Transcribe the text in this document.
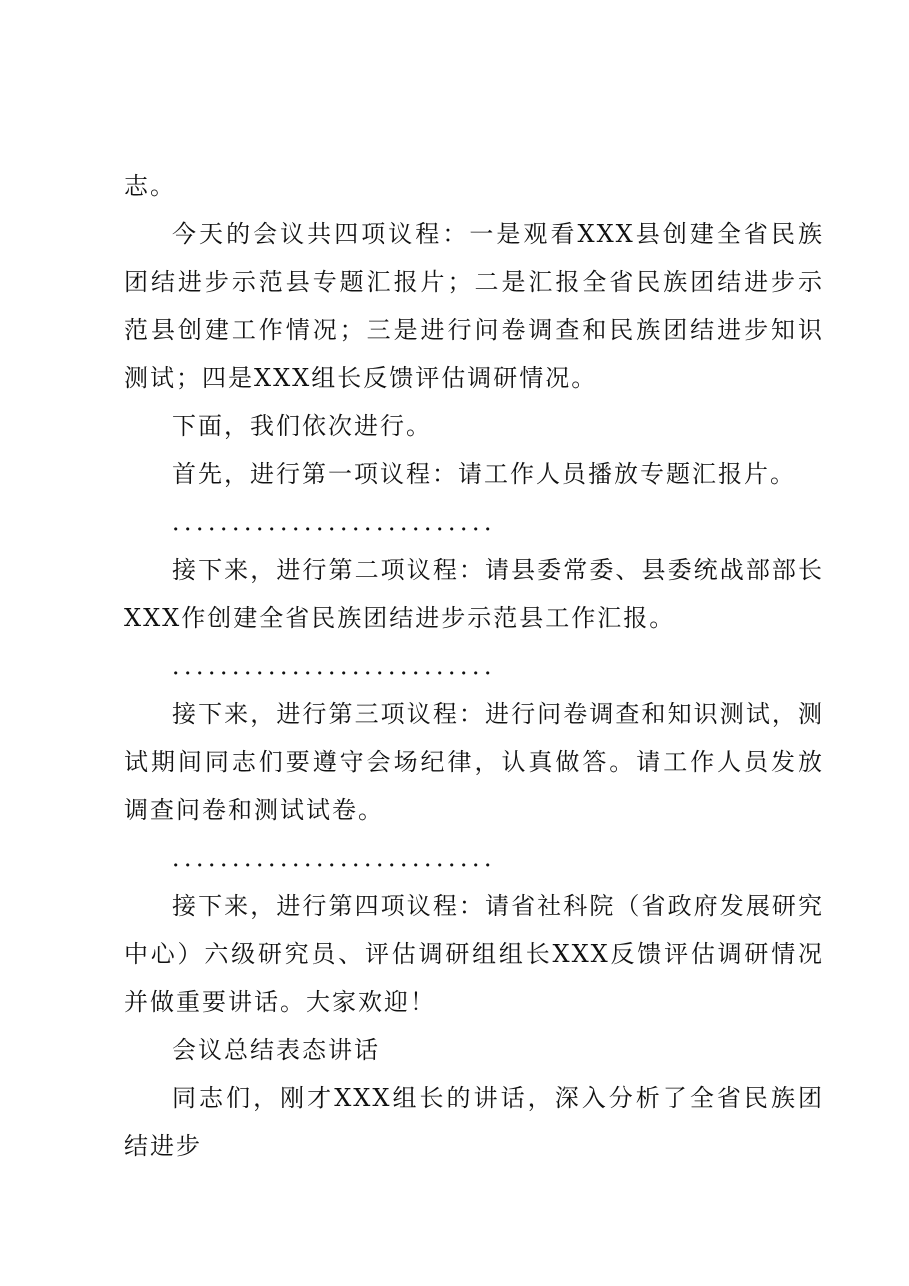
志。

今天的会议共四项议程：一是观看XXX县创建全省民族团结进步示范县专题汇报片；二是汇报全省民族团结进步示范县创建工作情况；三是进行问卷调查和民族团结进步知识测试；四是XXX组长反馈评估调研情况。

下面，我们依次进行。

首先，进行第一项议程：请工作人员播放专题汇报片。

．．．．．．．．．．．．．．．．．．．．．．．．．．．

接下来，进行第二项议程：请县委常委、县委统战部部长XXX作创建全省民族团结进步示范县工作汇报。

．．．．．．．．．．．．．．．．．．．．．．．．．．．

接下来，进行第三项议程：进行问卷调查和知识测试，测试期间同志们要遵守会场纪律，认真做答。请工作人员发放调查问卷和测试试卷。

．．．．．．．．．．．．．．．．．．．．．．．．．．．

接下来，进行第四项议程：请省社科院（省政府发展研究中心）六级研究员、评估调研组组长XXX反馈评估调研情况并做重要讲话。大家欢迎！

会议总结表态讲话

同志们，刚才XXX组长的讲话，深入分析了全省民族团结进步
